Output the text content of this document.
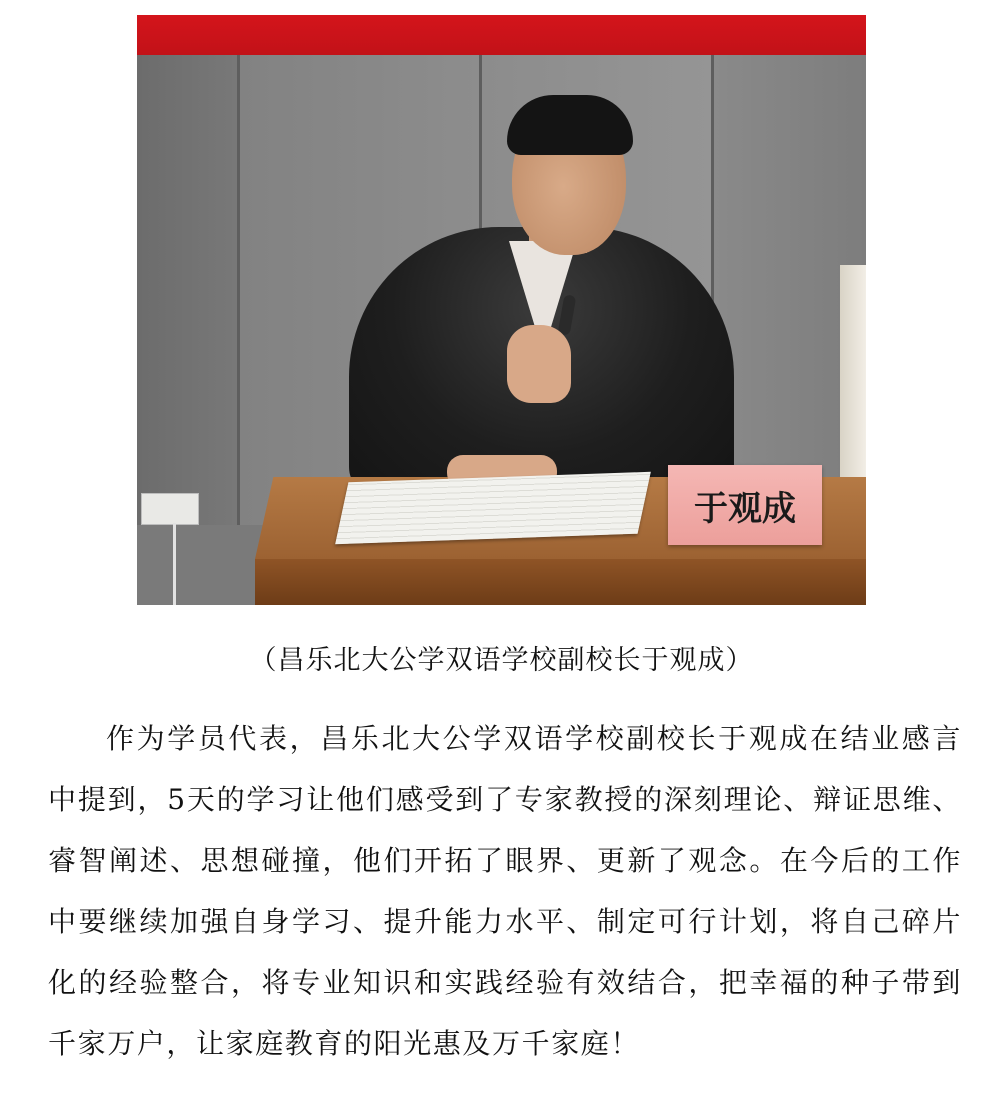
于观成
（昌乐北大公学双语学校副校长于观成）

作为学员代表，昌乐北大公学双语学校副校长于观成在结业感言中提到，5天的学习让他们感受到了专家教授的深刻理论、辩证思维、睿智阐述、思想碰撞，他们开拓了眼界、更新了观念。在今后的工作中要继续加强自身学习、提升能力水平、制定可行计划，将自己碎片化的经验整合，将专业知识和实践经验有效结合，把幸福的种子带到千家万户，让家庭教育的阳光惠及万千家庭！
